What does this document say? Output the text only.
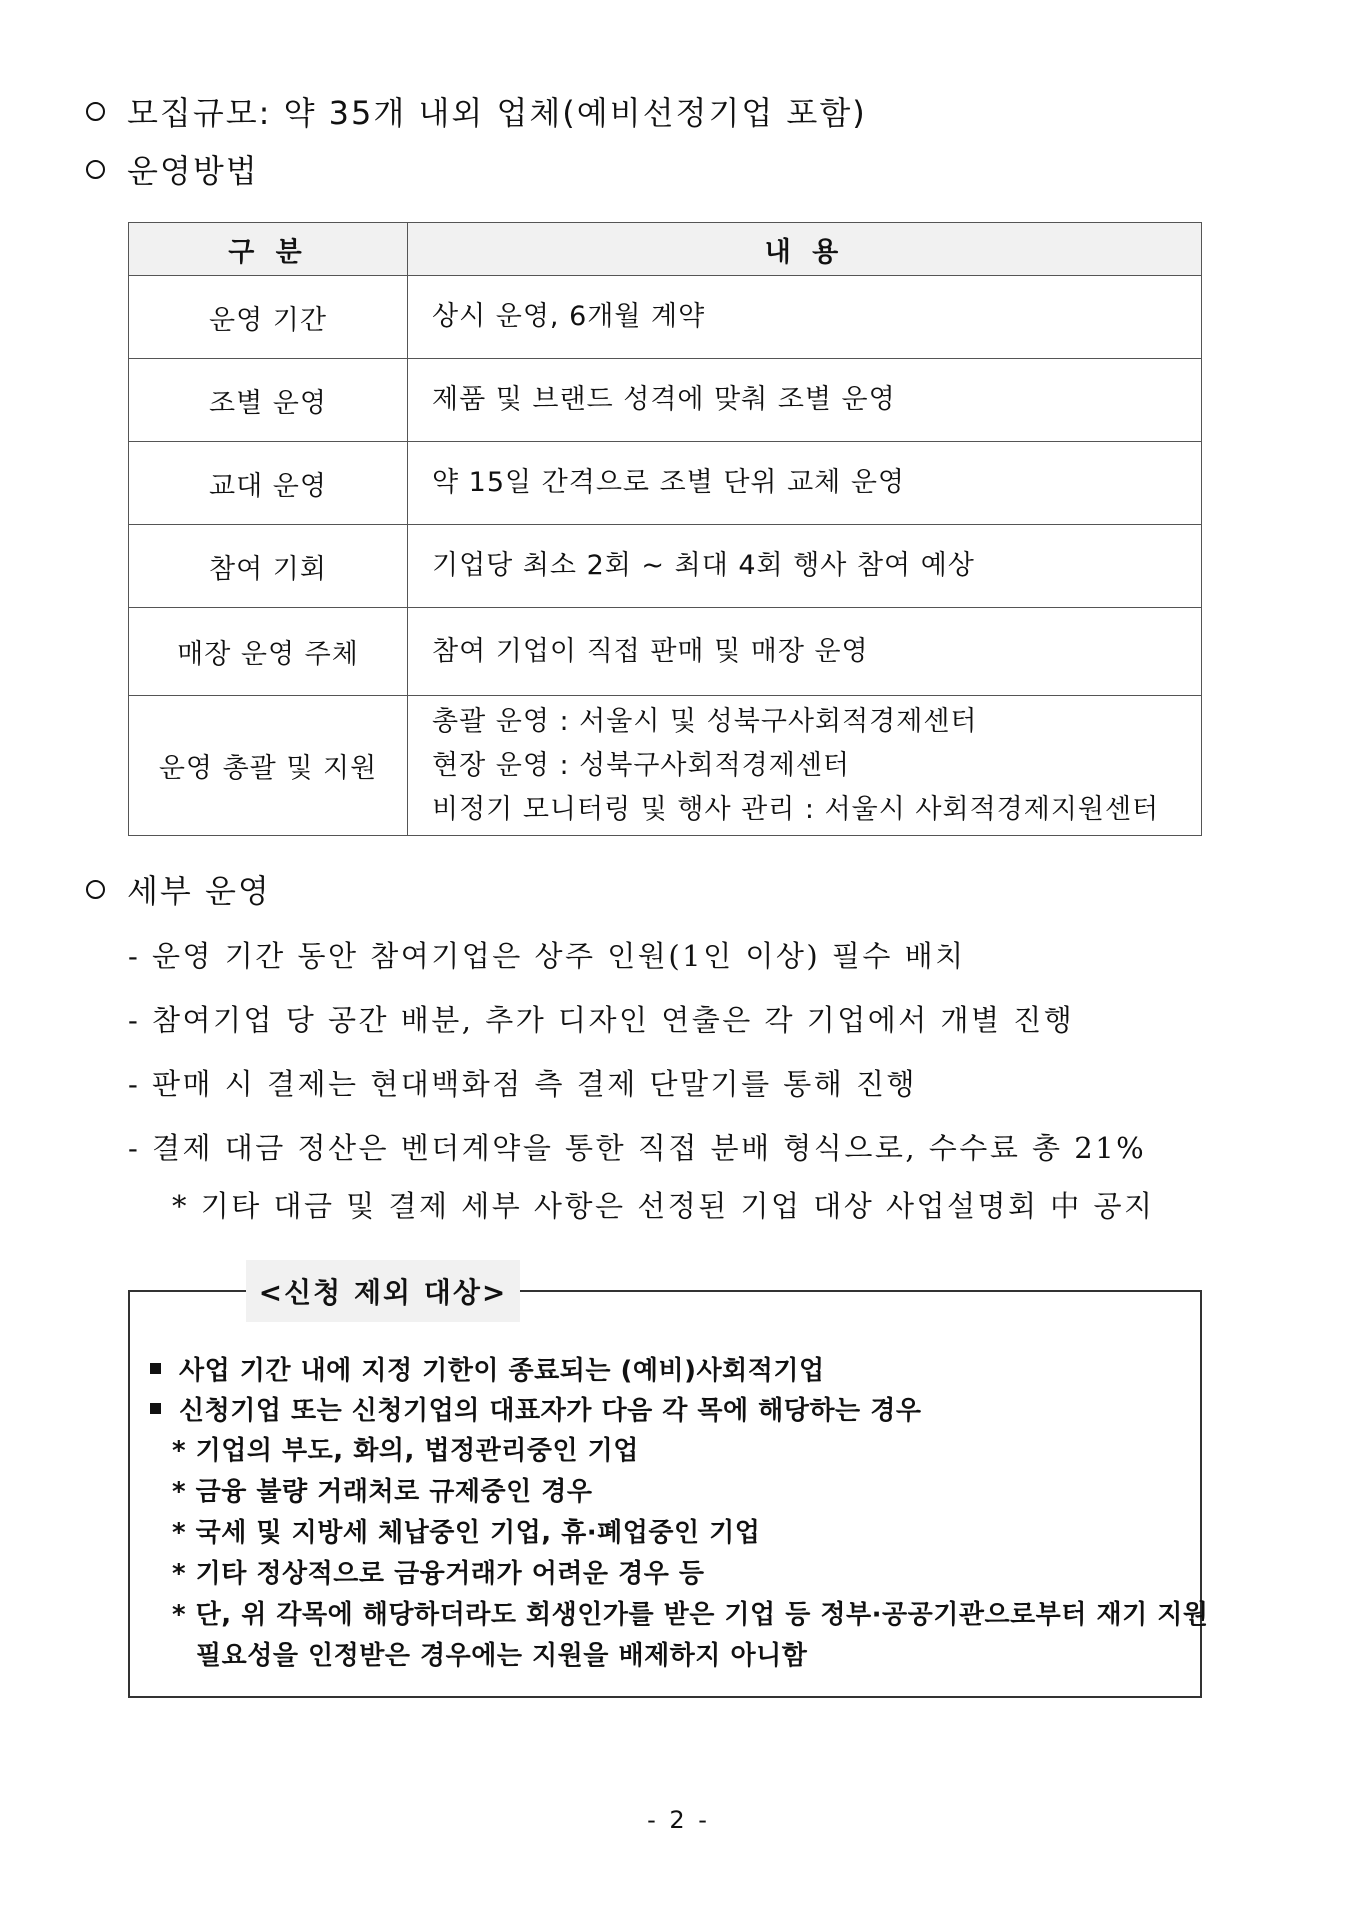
모집규모: 약 35개 내외 업체(예비선정기업 포함)
운영방법
구 분	내 용
운영 기간	상시 운영, 6개월 계약

조별 운영	제품 및 브랜드 성격에 맞춰 조별 운영

교대 운영	약 15일 간격으로 조별 단위 교체 운영

참여 기회	기업당 최소 2회 ~ 최대 4회 행사 참여 예상

매장 운영 주체	참여 기업이 직접 판매 및 매장 운영

운영 총괄 및 지원	총괄 운영 : 서울시 및 성북구사회적경제센터
현장 운영 : 성북구사회적경제센터
비정기 모니터링 및 행사 관리 : 서울시 사회적경제지원센터
세부 운영
- 운영 기간 동안 참여기업은 상주 인원(1인 이상) 필수 배치
- 참여기업 당 공간 배분, 추가 디자인 연출은 각 기업에서 개별 진행
- 판매 시 결제는 현대백화점 측 결제 단말기를 통해 진행
- 결제 대금 정산은 벤더계약을 통한 직접 분배 형식으로, 수수료 총 21%
* 기타 대금 및 결제 세부 사항은 선정된 기업 대상 사업설명회 中 공지
<신청 제외 대상>
사업 기간 내에 지정 기한이 종료되는 (예비)사회적기업
신청기업 또는 신청기업의 대표자가 다음 각 목에 해당하는 경우
* 기업의 부도, 화의, 법정관리중인 기업
* 금융 불량 거래처로 규제중인 경우
* 국세 및 지방세 체납중인 기업, 휴·폐업중인 기업
* 기타 정상적으로 금융거래가 어려운 경우 등
* 단, 위 각목에 해당하더라도 회생인가를 받은 기업 등 정부·공공기관으로부터 재기 지원
필요성을 인정받은 경우에는 지원을 배제하지 아니함
- 2 -
